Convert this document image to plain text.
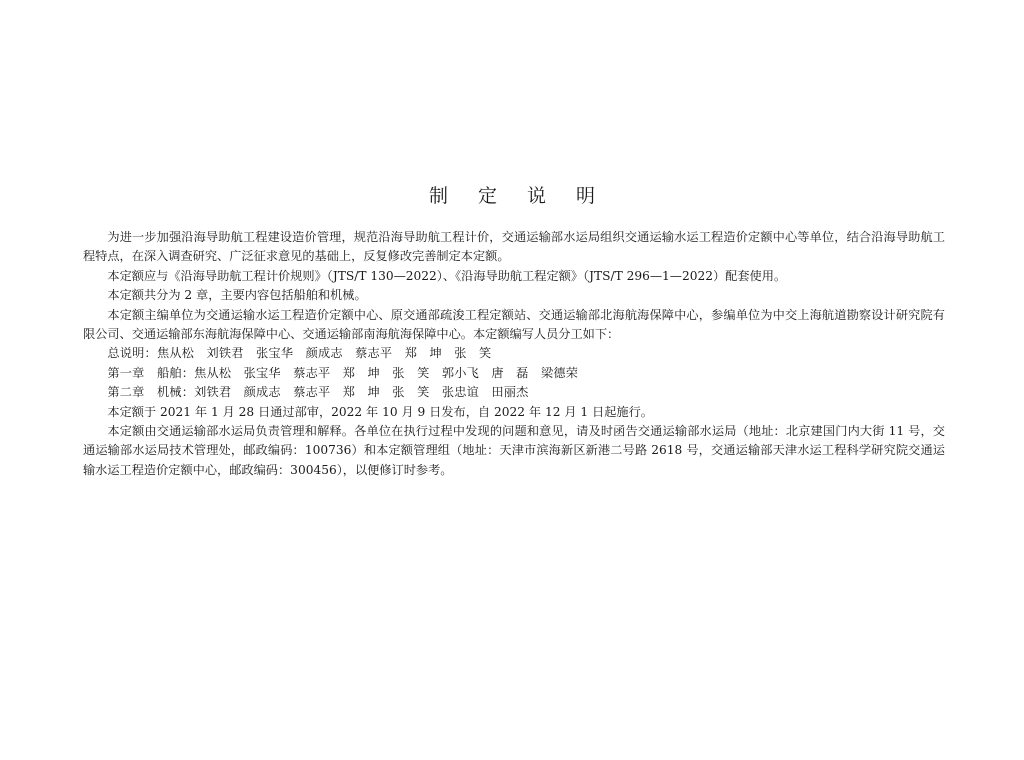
制 定 说 明

为进一步加强沿海导助航工程建设造价管理，规范沿海导助航工程计价，交通运输部水运局组织交通运输水运工程造价定额中心等单位，结合沿海导助航工程特点，在深入调查研究、广泛征求意见的基础上，反复修改完善制定本定额。

本定额应与《沿海导助航工程计价规则》（JTS/T 130—2022）、《沿海导助航工程定额》（JTS/T 296—1—2022）配套使用。

本定额共分为 2 章，主要内容包括船舶和机械。

本定额主编单位为交通运输水运工程造价定额中心、原交通部疏浚工程定额站、交通运输部北海航海保障中心，参编单位为中交上海航道勘察设计研究院有限公司、交通运输部东海航海保障中心、交通运输部南海航海保障中心。本定额编写人员分工如下：

总说明：焦从松　刘铁君　张宝华　颜成志　蔡志平　郑　坤　张　笑

第一章　船舶：焦从松　张宝华　蔡志平　郑　坤　张　笑　郭小飞　唐　磊　梁德荣

第二章　机械：刘铁君　颜成志　蔡志平　郑　坤　张　笑　张忠谊　田丽杰

本定额于 2021 年 1 月 28 日通过部审，2022 年 10 月 9 日发布，自 2022 年 12 月 1 日起施行。

本定额由交通运输部水运局负责管理和解释。各单位在执行过程中发现的问题和意见，请及时函告交通运输部水运局（地址：北京建国门内大街 11 号，交通运输部水运局技术管理处，邮政编码：100736）和本定额管理组（地址：天津市滨海新区新港二号路 2618 号，交通运输部天津水运工程科学研究院交通运输水运工程造价定额中心，邮政编码：300456），以便修订时参考。
